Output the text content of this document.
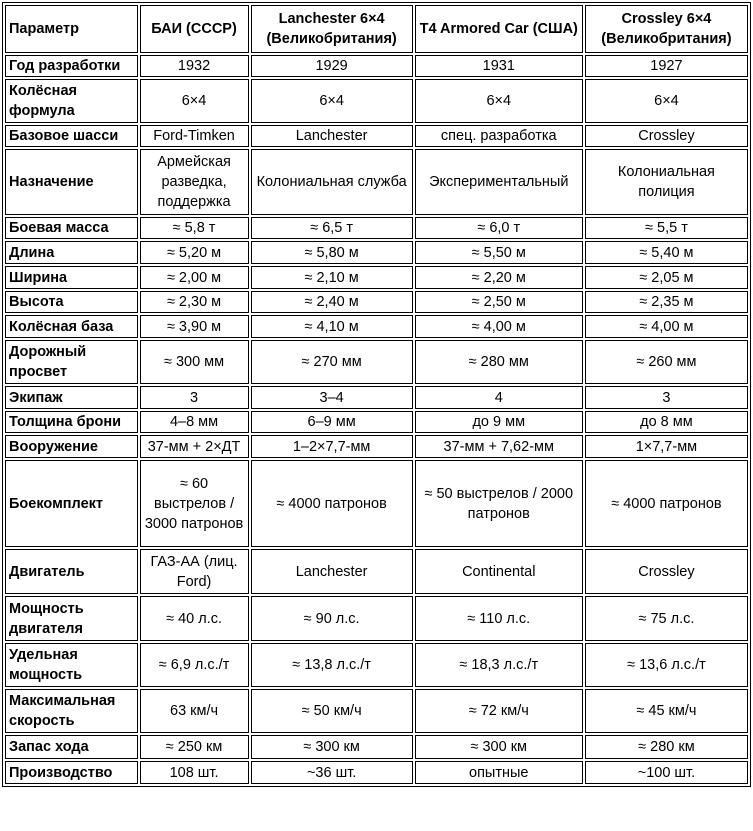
Параметр	БАИ (СССР)	Lanchester 6×4 (Великобритания)	T4 Armored Car (США)	Crossley 6×4 (Великобритания)
Год разработки	1932	1929	1931	1927
Колёсная формула	6×4	6×4	6×4	6×4
Базовое шасси	Ford-Timken	Lanchester	спец. разработка	Crossley
Назначение	Армейская разведка, поддержка	Колониальная служба	Экспериментальный	Колониальная полиция
Боевая масса	≈ 5,8 т	≈ 6,5 т	≈ 6,0 т	≈ 5,5 т
Длина	≈ 5,20 м	≈ 5,80 м	≈ 5,50 м	≈ 5,40 м
Ширина	≈ 2,00 м	≈ 2,10 м	≈ 2,20 м	≈ 2,05 м
Высота	≈ 2,30 м	≈ 2,40 м	≈ 2,50 м	≈ 2,35 м
Колёсная база	≈ 3,90 м	≈ 4,10 м	≈ 4,00 м	≈ 4,00 м
Дорожный просвет	≈ 300 мм	≈ 270 мм	≈ 280 мм	≈ 260 мм
Экипаж	3	3–4	4	3
Толщина брони	4–8 мм	6–9 мм	до 9 мм	до 8 мм
Вооружение	37-мм + 2×ДТ	1–2×7,7-мм	37-мм + 7,62-мм	1×7,7-мм
Боекомплект	≈ 60 выстрелов / 3000 патронов	≈ 4000 патронов	≈ 50 выстрелов / 2000 патронов	≈ 4000 патронов
Двигатель	ГАЗ-АА (лиц. Ford)	Lanchester	Continental	Crossley
Мощность двигателя	≈ 40 л.с.	≈ 90 л.с.	≈ 110 л.с.	≈ 75 л.с.
Удельная мощность	≈ 6,9 л.с./т	≈ 13,8 л.с./т	≈ 18,3 л.с./т	≈ 13,6 л.с./т
Максимальная скорость	63 км/ч	≈ 50 км/ч	≈ 72 км/ч	≈ 45 км/ч
Запас хода	≈ 250 км	≈ 300 км	≈ 300 км	≈ 280 км
Производство	108 шт.	~36 шт.	опытные	~100 шт.
